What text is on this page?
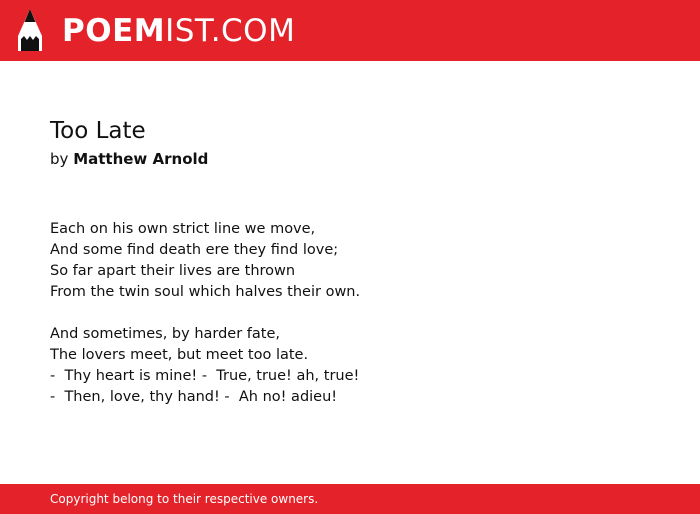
POEM IST.COM
Too Late
by Matthew Arnold
Each on his own strict line we move,
And some find death ere they find love;
So far apart their lives are thrown
From the twin soul which halves their own.
And sometimes, by harder fate,
The lovers meet, but meet too late.
-  Thy heart is mine! -  True, true! ah, true!
-  Then, love, thy hand! -  Ah no! adieu!
Copyright belong to their respective owners.
